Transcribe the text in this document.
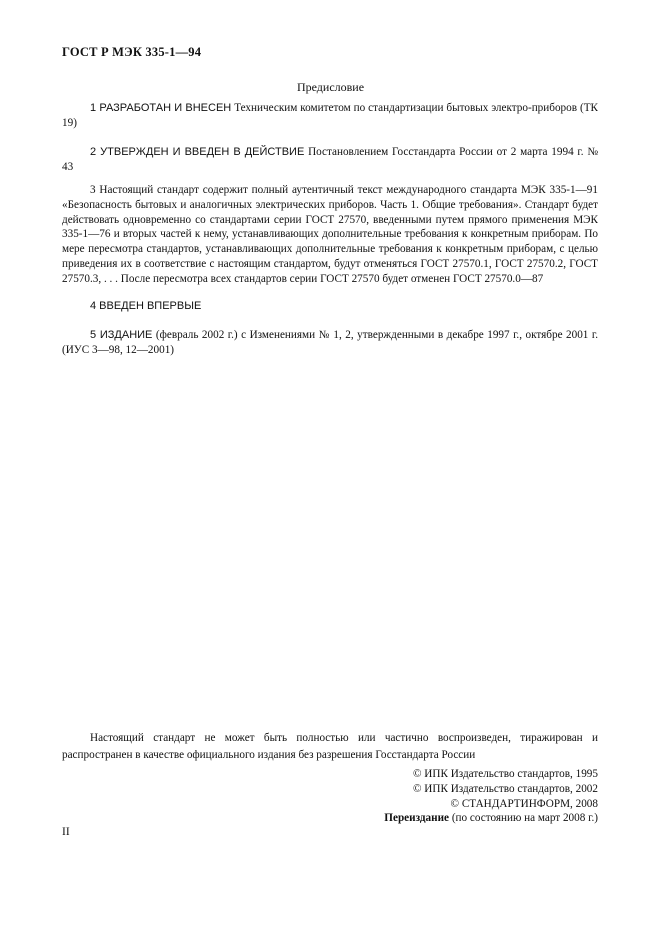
ГОСТ Р МЭК 335-1—94
Предисловие

1 РАЗРАБОТАН И ВНЕСЕН Техническим комитетом по стандартизации бытовых электро-приборов (ТК 19)

2 УТВЕРЖДЕН И ВВЕДЕН В ДЕЙСТВИЕ Постановлением Госстандарта России от 2 марта 1994 г. № 43

3 Настоящий стандарт содержит полный аутентичный текст международного стандарта МЭК 335-1—91 «Безопасность бытовых и аналогичных электрических приборов. Часть 1. Общие требования». Стандарт будет действовать одновременно со стандартами серии ГОСТ 27570, введенными путем прямого применения МЭК 335-1—76 и вторых частей к нему, устанавливающих дополнительные требования к конкретным приборам. По мере пересмотра стандартов, устанавливающих дополнительные требования к конкретным приборам, с целью приведения их в соответствие с настоящим стандартом, будут отменяться ГОСТ 27570.1, ГОСТ 27570.2, ГОСТ 27570.3, . . . После пересмотра всех стандартов серии ГОСТ 27570 будет отменен ГОСТ 27570.0—87

4 ВВЕДЕН ВПЕРВЫЕ

5 ИЗДАНИЕ (февраль 2002 г.) с Изменениями № 1, 2, утвержденными в декабре 1997 г., октябре 2001 г. (ИУС 3—98, 12—2001)

Настоящий стандарт не может быть полностью или частично воспроизведен, тиражирован и распространен в качестве официального издания без разрешения Госстандарта России

© ИПК Издательство стандартов, 1995
© ИПК Издательство стандартов, 2002
© СТАНДАРТИНФОРМ, 2008
Переиздание (по состоянию на март 2008 г.)
II
